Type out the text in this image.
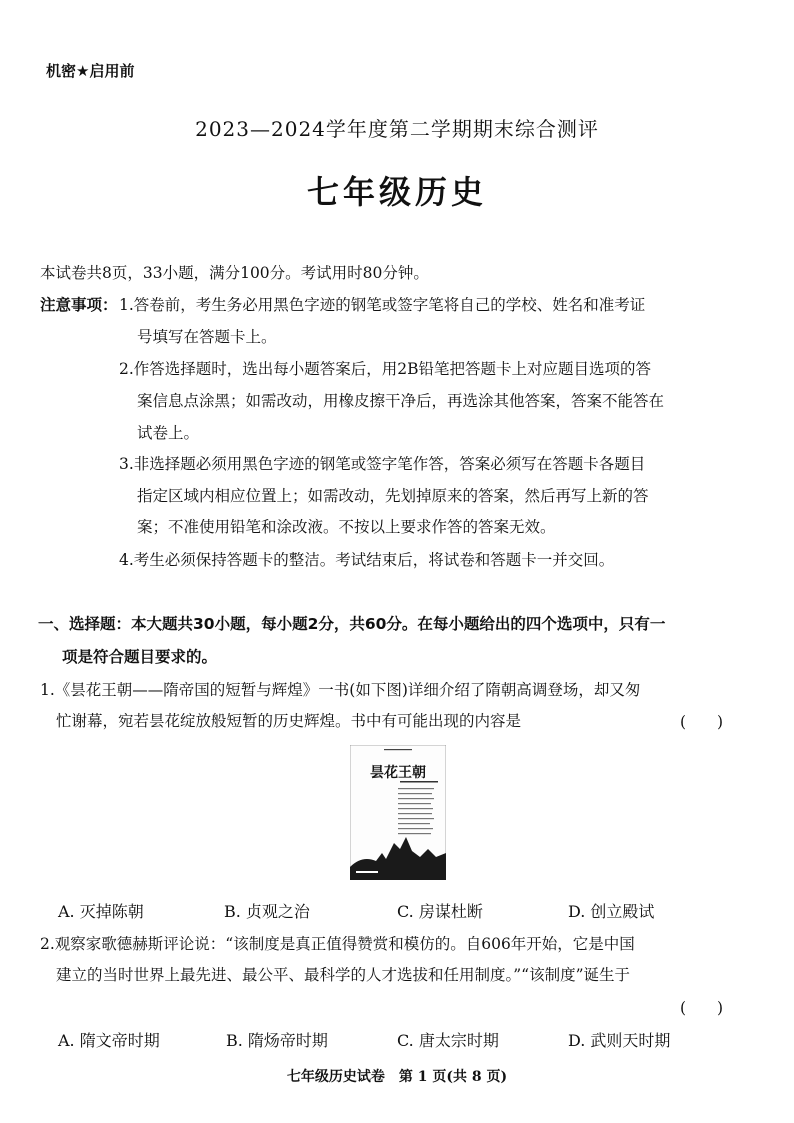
机密★启用前
2023—2024学年度第二学期期末综合测评
七年级历史
本试卷共8页，33小题，满分100分。考试用时80分钟。
注意事项： 1.答卷前，考生务必用黑色字迹的钢笔或签字笔将自己的学校、姓名和准考证
号填写在答题卡上。
2.作答选择题时，选出每小题答案后，用2B铅笔把答题卡上对应题目选项的答
案信息点涂黑；如需改动，用橡皮擦干净后，再选涂其他答案，答案不能答在
试卷上。
3.非选择题必须用黑色字迹的钢笔或签字笔作答，答案必须写在答题卡各题目
指定区域内相应位置上；如需改动，先划掉原来的答案，然后再写上新的答
案；不准使用铅笔和涂改液。不按以上要求作答的答案无效。
4.考生必须保持答题卡的整洁。考试结束后，将试卷和答题卡一并交回。
一、选择题：本大题共30小题，每小题2分，共60分。在每小题给出的四个选项中，只有一
项是符合题目要求的。
1.《昙花王朝——隋帝国的短暂与辉煌》一书(如下图)详细介绍了隋朝高调登场，却又匆
忙谢幕，宛若昙花绽放般短暂的历史辉煌。书中有可能出现的内容是	(　　)
昙花王朝
A. 灭掉陈朝	B. 贞观之治	C. 房谋杜断	D. 创立殿试
2.观察家歌德赫斯评论说：“该制度是真正值得赞赏和模仿的。自606年开始，它是中国
建立的当时世界上最先进、最公平、最科学的人才选拔和任用制度。”“该制度”诞生于
(　　)
A. 隋文帝时期	B. 隋炀帝时期	C. 唐太宗时期	D. 武则天时期
七年级历史试卷　第 1 页(共 8 页)
